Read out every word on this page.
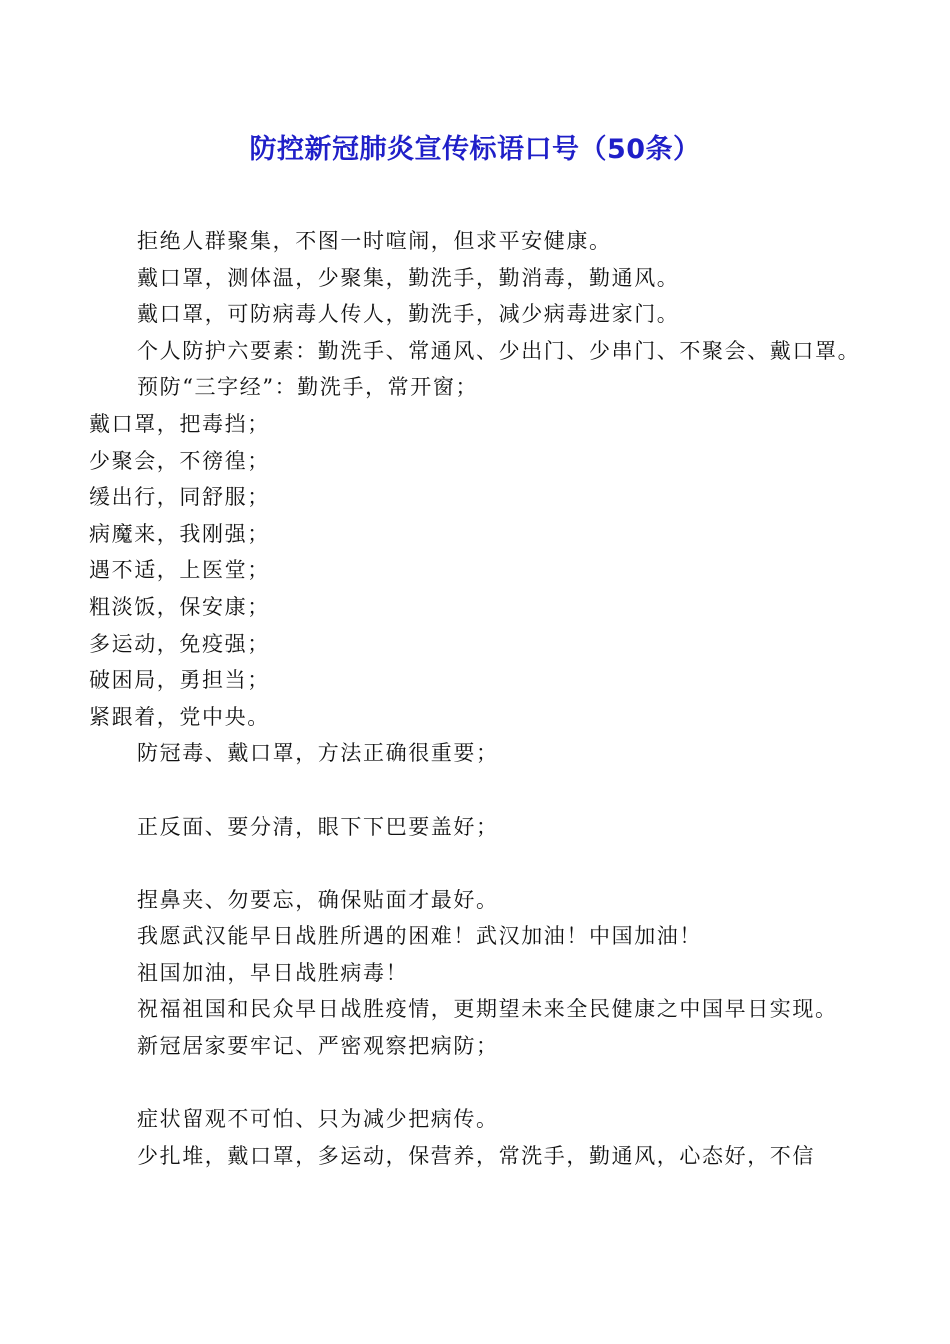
防控新冠肺炎宣传标语口号（50条）

拒绝人群聚集，不图一时喧闹，但求平安健康。

戴口罩，测体温，少聚集，勤洗手，勤消毒，勤通风。

戴口罩，可防病毒人传人，勤洗手，减少病毒进家门。

个人防护六要素：勤洗手、常通风、少出门、少串门、不聚会、戴口罩。

预防“三字经”：勤洗手，常开窗；

戴口罩，把毒挡；

少聚会，不徬徨；

缓出行，同舒服；

病魔来，我刚强；

遇不适，上医堂；

粗淡饭，保安康；

多运动，免疫强；

破困局，勇担当；

紧跟着，党中央。

防冠毒、戴口罩，方法正确很重要；

正反面、要分清，眼下下巴要盖好；

捏鼻夹、勿要忘，确保贴面才最好。

我愿武汉能早日战胜所遇的困难！武汉加油！中国加油！

祖国加油，早日战胜病毒！

祝福祖国和民众早日战胜疫情，更期望未来全民健康之中国早日实现。

新冠居家要牢记、严密观察把病防；

症状留观不可怕、只为减少把病传。

少扎堆，戴口罩，多运动，保营养，常洗手，勤通风，心态好，不信
